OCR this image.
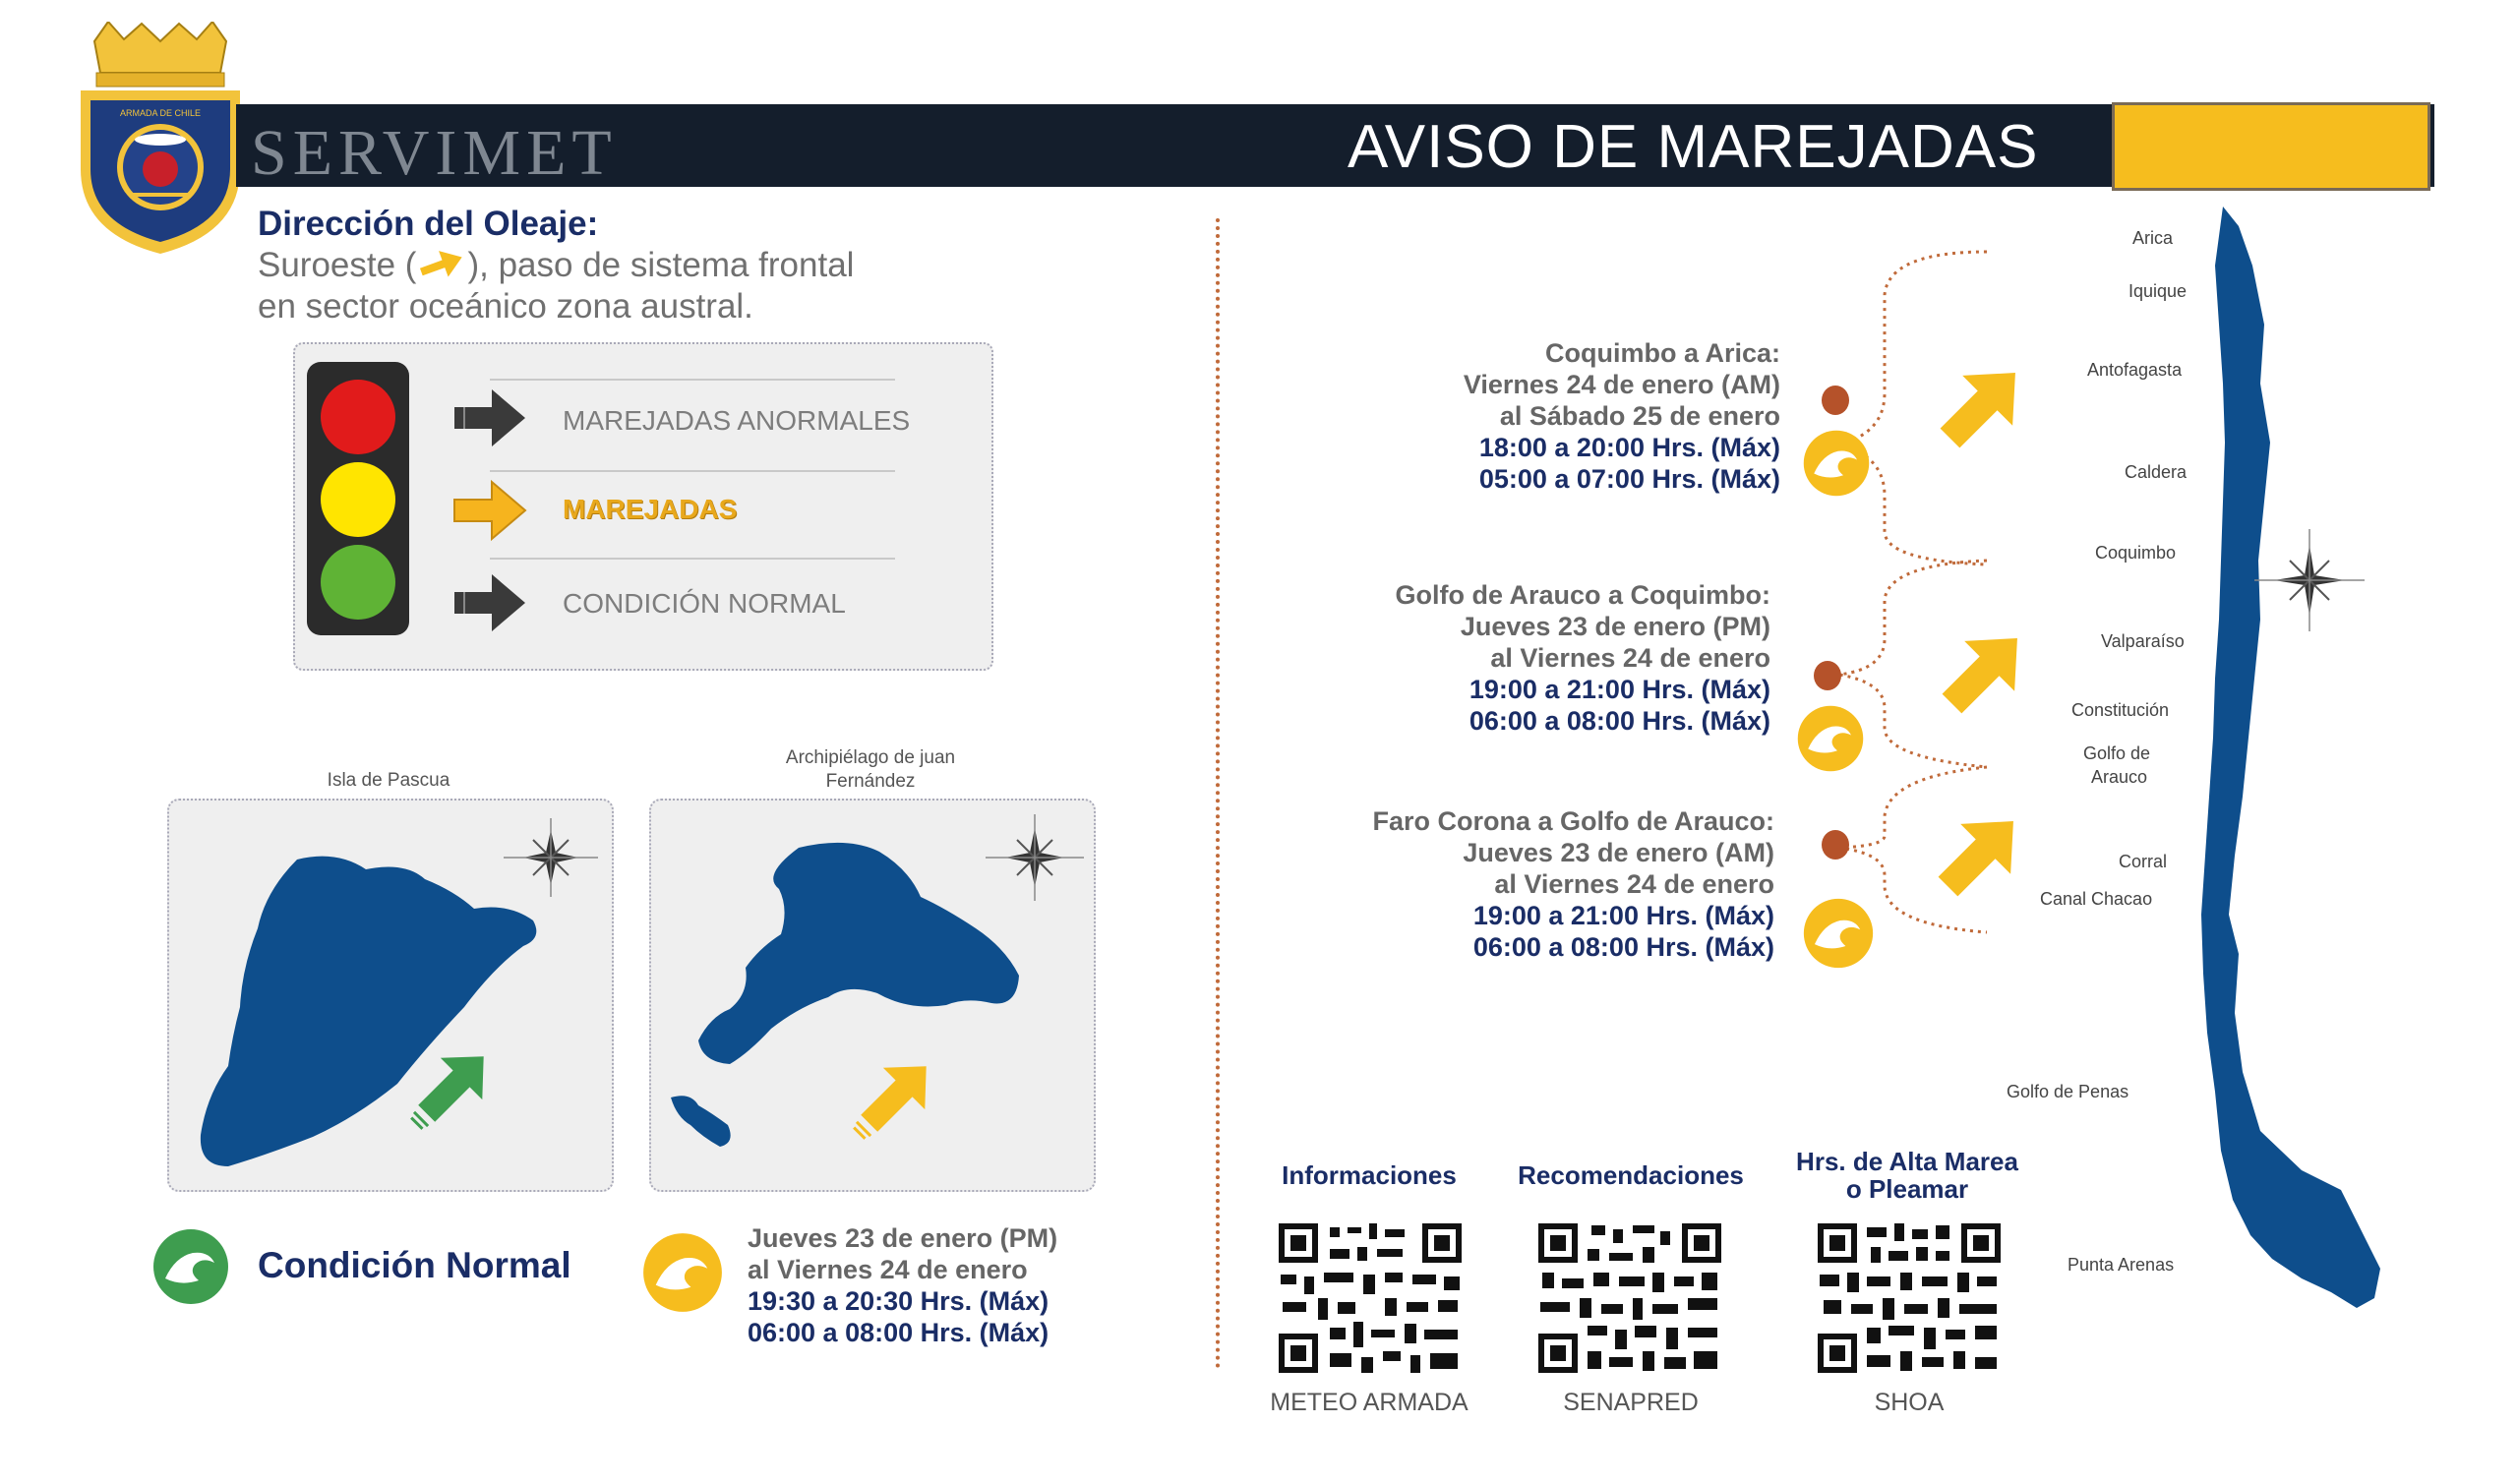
ARMADA DE CHILE
SERVIMET	AVISO DE MAREJADAS
Dirección del Oleaje:
Suroeste ( ), paso de sistema frontal
en sector oceánico zona austral.
MAREJADAS ANORMALES
MAREJADAS
CONDICIÓN NORMAL
Isla de Pascua
Archipiélago de juan
Fernández
Condición Normal
Jueves 23 de enero (PM)
al Viernes 24 de enero
19:30 a 20:30 Hrs. (Máx)
06:00 a 08:00 Hrs. (Máx)
Coquimbo a Arica:
Viernes 24 de enero (AM)
al Sábado 25 de enero
18:00 a 20:00 Hrs. (Máx)
05:00 a 07:00 Hrs. (Máx)
Golfo de Arauco a Coquimbo:
Jueves 23 de enero (PM)
al Viernes 24 de enero
19:00 a 21:00 Hrs. (Máx)
06:00 a 08:00 Hrs. (Máx)
Faro Corona a Golfo de Arauco:
Jueves 23 de enero (AM)
al Viernes 24 de enero
19:00 a 21:00 Hrs. (Máx)
06:00 a 08:00 Hrs. (Máx)
Arica
Iquique
Antofagasta
Caldera
Coquimbo
Valparaíso
Constitución
Golfo de
Arauco
Corral
Canal Chacao
Golfo de Penas
Punta Arenas
Informaciones	Recomendaciones	Hrs. de Alta Marea
o Pleamar
METEO ARMADA	SENAPRED	SHOA
